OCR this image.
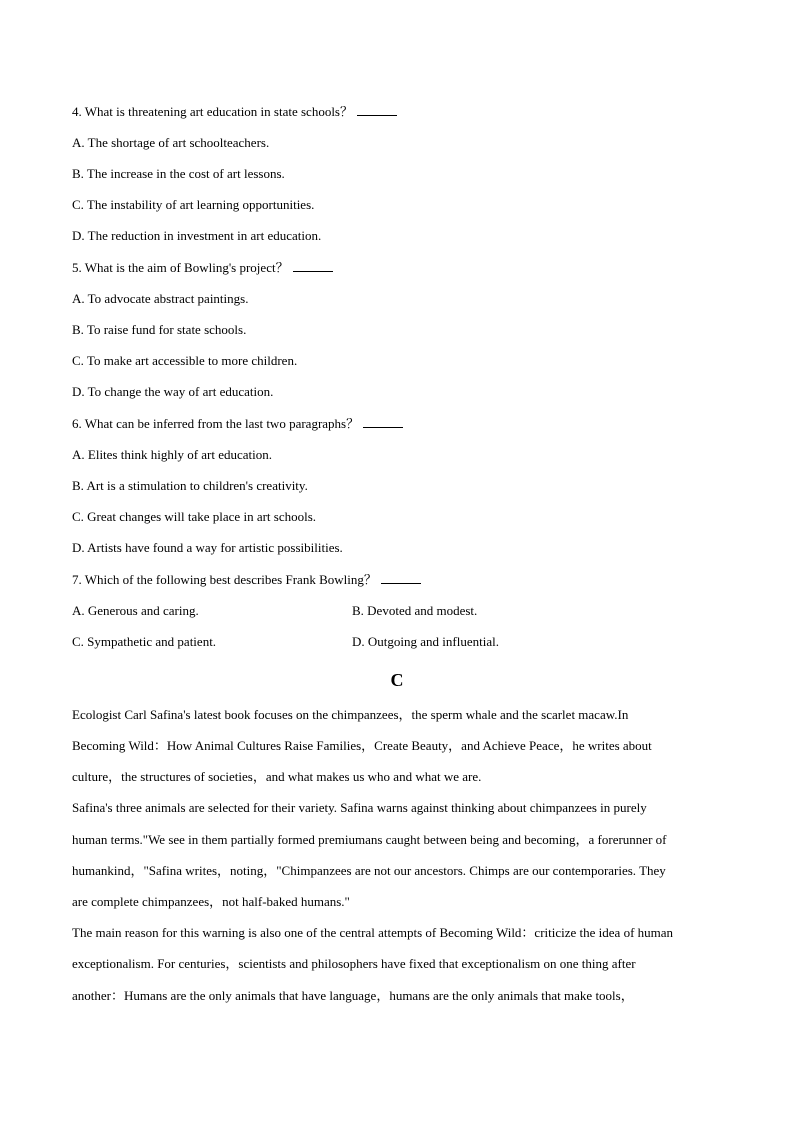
4. What is threatening art education in state schools？
A. The shortage of art schoolteachers.
B. The increase in the cost of art lessons.
C. The instability of art learning opportunities.
D. The reduction in investment in art education.
5. What is the aim of Bowling's project？
A. To advocate abstract paintings.
B. To raise fund for state schools.
C. To make art accessible to more children.
D. To change the way of art education.
6. What can be inferred from the last two paragraphs？
A. Elites think highly of art education.
B. Art is a stimulation to children's creativity.
C. Great changes will take place in art schools.
D. Artists have found a way for artistic possibilities.
7. Which of the following best describes Frank Bowling？
A. Generous and caring.	B. Devoted and modest.
C. Sympathetic and patient.	D. Outgoing and influential.
C
Ecologist Carl Safina's latest book focuses on the chimpanzees，the sperm whale and the scarlet macaw.In
Becoming Wild：How Animal Cultures Raise Families，Create Beauty，and Achieve Peace，he writes about
culture，the structures of societies，and what makes us who and what we are.
Safina's three animals are selected for their variety. Safina warns against thinking about chimpanzees in purely
human terms."We see in them partially formed premiumans caught between being and becoming，a forerunner of
humankind，"Safina writes，noting，"Chimpanzees are not our ancestors. Chimps are our contemporaries. They
are complete chimpanzees，not half-baked humans."
The main reason for this warning is also one of the central attempts of Becoming Wild：criticize the idea of human
exceptionalism. For centuries，scientists and philosophers have fixed that exceptionalism on one thing after
another：Humans are the only animals that have language，humans are the only animals that make tools，
